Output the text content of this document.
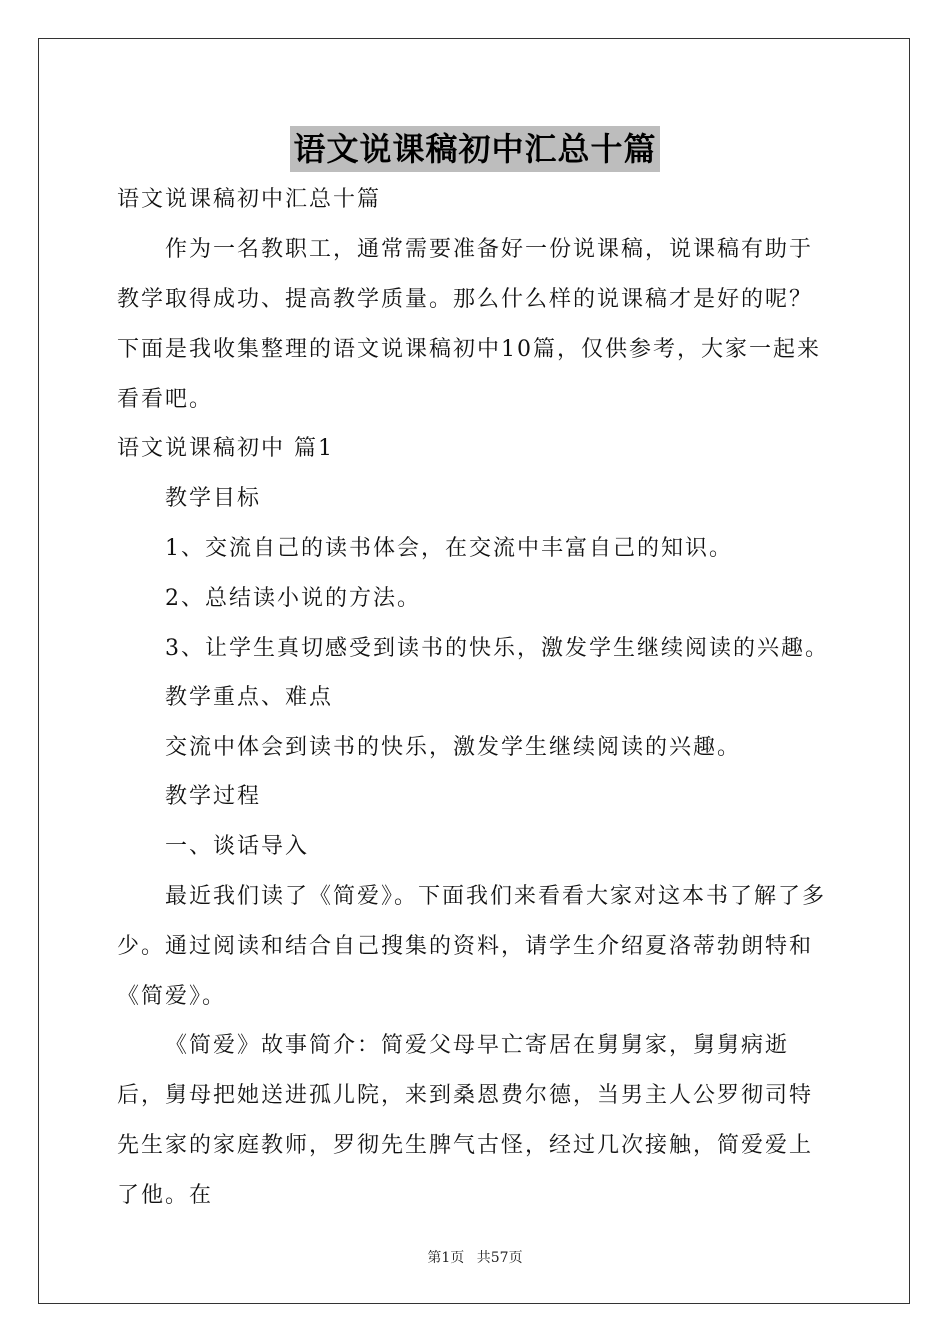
语文说课稿初中汇总十篇

语文说课稿初中汇总十篇

作为一名教职工，通常需要准备好一份说课稿，说课稿有助于教学取得成功、提高教学质量。那么什么样的说课稿才是好的呢？下面是我收集整理的语文说课稿初中10篇，仅供参考，大家一起来看看吧。

语文说课稿初中 篇1

教学目标

1、交流自己的读书体会，在交流中丰富自己的知识。

2、总结读小说的方法。

3、让学生真切感受到读书的快乐，激发学生继续阅读的兴趣。

教学重点、难点

交流中体会到读书的快乐，激发学生继续阅读的兴趣。

教学过程

一、谈话导入

最近我们读了《简爱》。下面我们来看看大家对这本书了解了多少。通过阅读和结合自己搜集的资料，请学生介绍夏洛蒂勃朗特和《简爱》。

《简爱》故事简介：简爱父母早亡寄居在舅舅家，舅舅病逝后，舅母把她送进孤儿院，来到桑恩费尔德，当男主人公罗彻司特先生家的家庭教师，罗彻先生脾气古怪，经过几次接触，简爱爱上了他。在

第1页 共57页
